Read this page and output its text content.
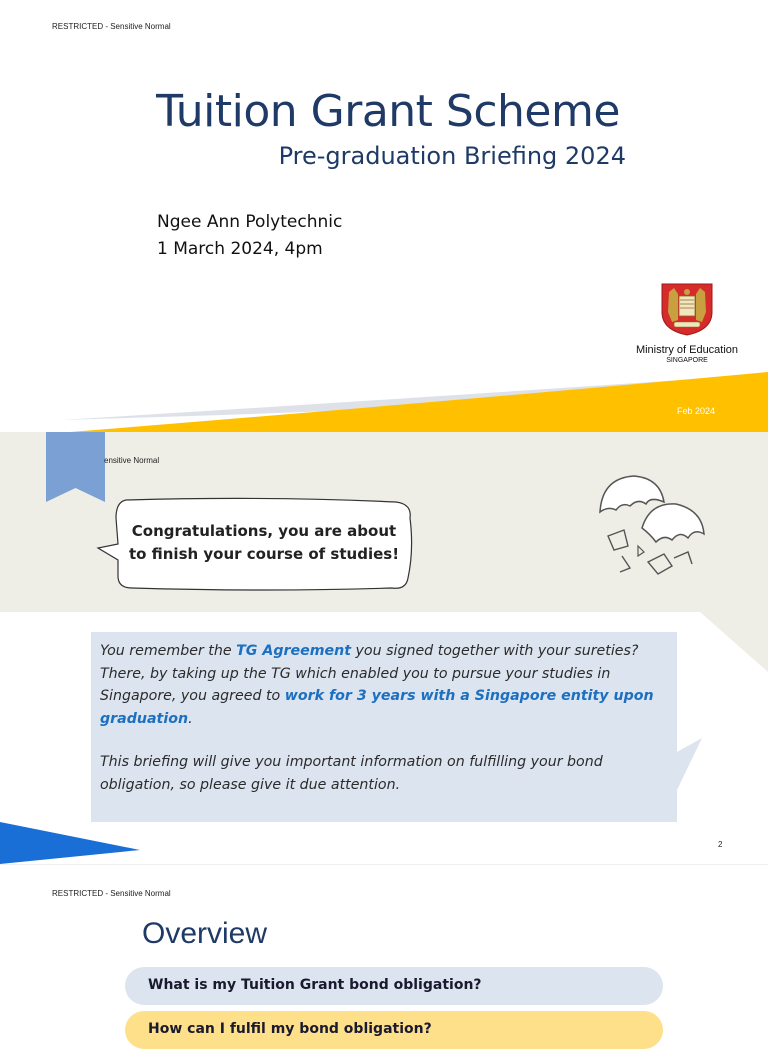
RESTRICTED - Sensitive Normal
Tuition Grant Scheme
Pre-graduation Briefing 2024
Ngee Ann Polytechnic
1 March 2024, 4pm
Ministry of Education
SINGAPORE
Feb 2024
ensitive Normal
Congratulations, you are about
to finish your course of studies!
You remember the TG Agreement you signed together with your sureties? There, by taking up the TG which enabled you to pursue your studies in Singapore, you agreed to work for 3 years with a Singapore entity upon graduation.
This briefing will give you important information on fulfilling your bond obligation, so please give it due attention.
2
RESTRICTED - Sensitive Normal
Overview
What is my Tuition Grant bond obligation?
How can I fulfil my bond obligation?
